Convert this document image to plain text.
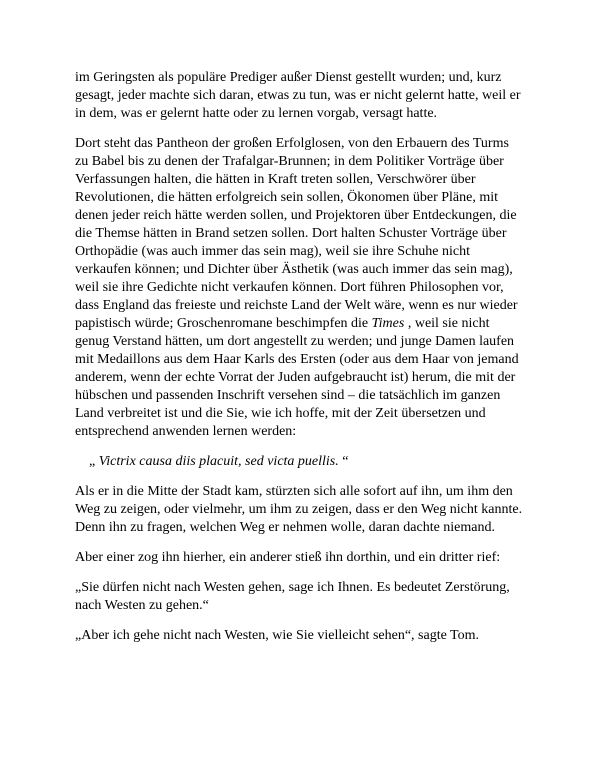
im Geringsten als populäre Prediger außer Dienst gestellt wurden; und, kurz gesagt, jeder machte sich daran, etwas zu tun, was er nicht gelernt hatte, weil er in dem, was er gelernt hatte oder zu lernen vorgab, versagt hatte.

Dort steht das Pantheon der großen Erfolglosen, von den Erbauern des Turms zu Babel bis zu denen der Trafalgar-Brunnen; in dem Politiker Vorträge über Verfassungen halten, die hätten in Kraft treten sollen, Verschwörer über Revolutionen, die hätten erfolgreich sein sollen, Ökonomen über Pläne, mit denen jeder reich hätte werden sollen, und Projektoren über Entdeckungen, die die Themse hätten in Brand setzen sollen. Dort halten Schuster Vorträge über Orthopädie (was auch immer das sein mag), weil sie ihre Schuhe nicht verkaufen können; und Dichter über Ästhetik (was auch immer das sein mag), weil sie ihre Gedichte nicht verkaufen können. Dort führen Philosophen vor, dass England das freieste und reichste Land der Welt wäre, wenn es nur wieder papistisch würde; Groschenromane beschimpfen die Times , weil sie nicht genug Verstand hätten, um dort angestellt zu werden; und junge Damen laufen mit Medaillons aus dem Haar Karls des Ersten (oder aus dem Haar von jemand anderem, wenn der echte Vorrat der Juden aufgebraucht ist) herum, die mit der hübschen und passenden Inschrift versehen sind – die tatsächlich im ganzen Land verbreitet ist und die Sie, wie ich hoffe, mit der Zeit übersetzen und entsprechend anwenden lernen werden:

„ Victrix causa diis placuit, sed victa puellis. “

Als er in die Mitte der Stadt kam, stürzten sich alle sofort auf ihn, um ihm den Weg zu zeigen, oder vielmehr, um ihm zu zeigen, dass er den Weg nicht kannte. Denn ihn zu fragen, welchen Weg er nehmen wolle, daran dachte niemand.

Aber einer zog ihn hierher, ein anderer stieß ihn dorthin, und ein dritter rief:

„Sie dürfen nicht nach Westen gehen, sage ich Ihnen. Es bedeutet Zerstörung, nach Westen zu gehen.“

„Aber ich gehe nicht nach Westen, wie Sie vielleicht sehen“, sagte Tom.
